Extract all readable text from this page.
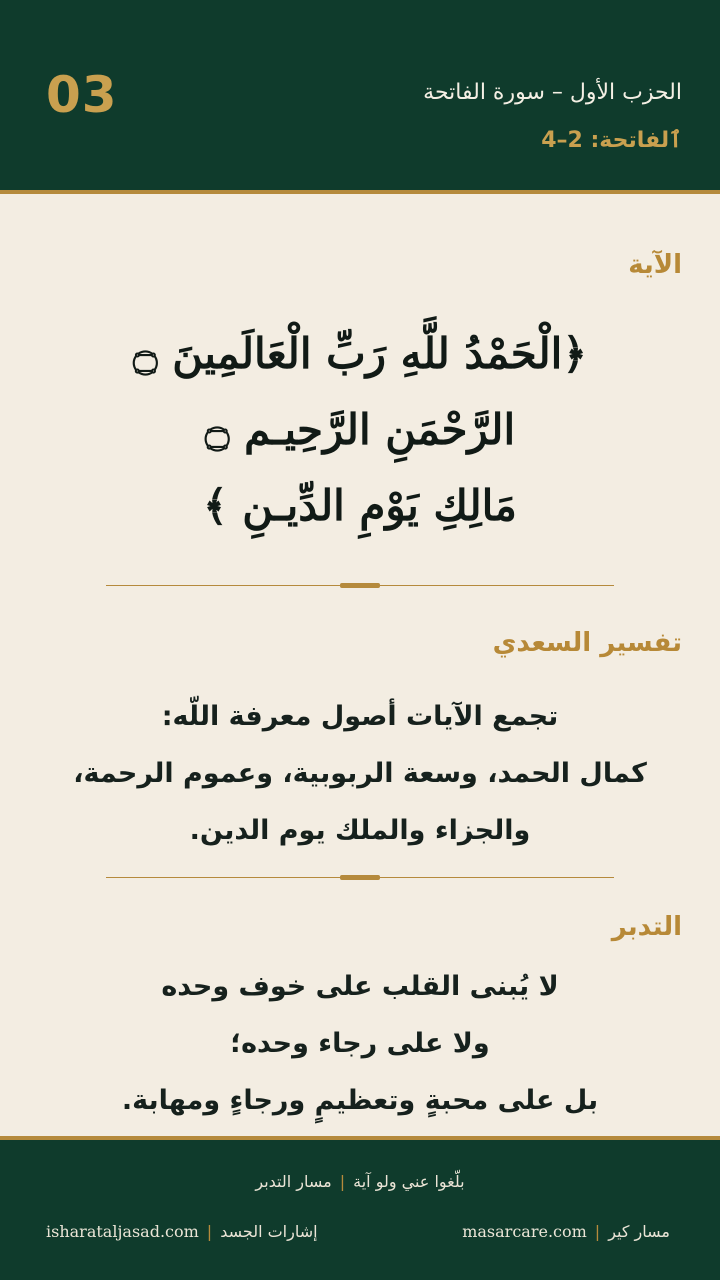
03	الحزب الأول – سورة الفاتحة
ٱلفاتحة: 2–4
الآية
﴿الْحَمْدُ للَّهِ رَبِّ الْعَالَمِينَ ۝
الرَّحْمَنِ الرَّحِيـم ۝
مَالِكِ يَوْمِ الدِّيـنِ ﴾
تفسير السعدي
تجمع الآيات أصول معرفة اللّه:
كمال الحمد، وسعة الربوبية، وعموم الرحمة،
والجزاء والملك يوم الدين.
التدبر
لا يُبنى القلب على خوف وحده
ولا على رجاء وحده؛
بل على محبةٍ وتعظيمٍ ورجاءٍ ومهابة.
بلّغوا عني ولو آية|مسار التدبر
مسار كير|masarcare.com
إشارات الجسد|isharataljasad.com
